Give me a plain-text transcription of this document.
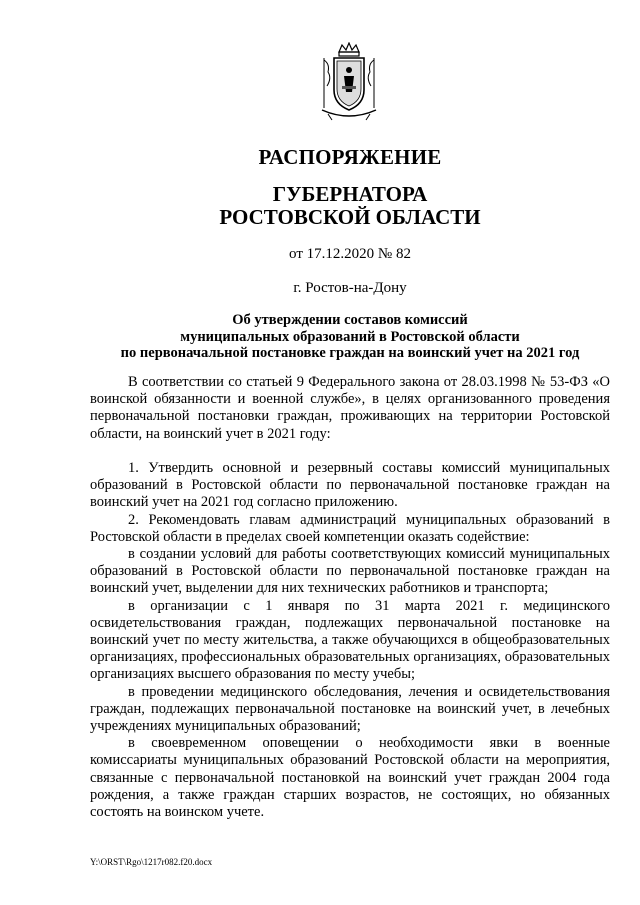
РАСПОРЯЖЕНИЕ
ГУБЕРНАТОРА
РОСТОВСКОЙ ОБЛАСТИ
от 17.12.2020 № 82
г. Ростов-на-Дону
Об утверждении составов комиссий
муниципальных образований в Ростовской области
по первоначальной постановке граждан на воинский учет на 2021 год

В соответствии со статьей 9 Федерального закона от 28.03.1998 № 53-ФЗ «О воинской обязанности и военной службе», в целях организованного проведения первоначальной постановки граждан, проживающих на территории Ростовской области, на воинский учет в 2021 году:

1. Утвердить основной и резервный составы комиссий муниципальных образований в Ростовской области по первоначальной постановке граждан на воинский учет на 2021 год согласно приложению.

2. Рекомендовать главам администраций муниципальных образований в Ростовской области в пределах своей компетенции оказать содействие:

в создании условий для работы соответствующих комиссий муниципальных образований в Ростовской области по первоначальной постановке граждан на воинский учет, выделении для них технических работников и транспорта;

в организации с 1 января по 31 марта 2021 г. медицинского освидетельствования граждан, подлежащих первоначальной постановке на воинский учет по месту жительства, а также обучающихся в общеобразовательных организациях, профессиональных образовательных организациях, образовательных организациях высшего образования по месту учебы;

в проведении медицинского обследования, лечения и освидетельствования граждан, подлежащих первоначальной постановке на воинский учет, в лечебных учреждениях муниципальных образований;

в своевременном оповещении о необходимости явки в военные комиссариаты муниципальных образований Ростовской области на мероприятия, связанные с первоначальной постановкой на воинский учет граждан 2004 года рождения, а также граждан старших возрастов, не состоящих, но обязанных состоять на воинском учете.

Y:\ORST\Rgo\1217r082.f20.docx
